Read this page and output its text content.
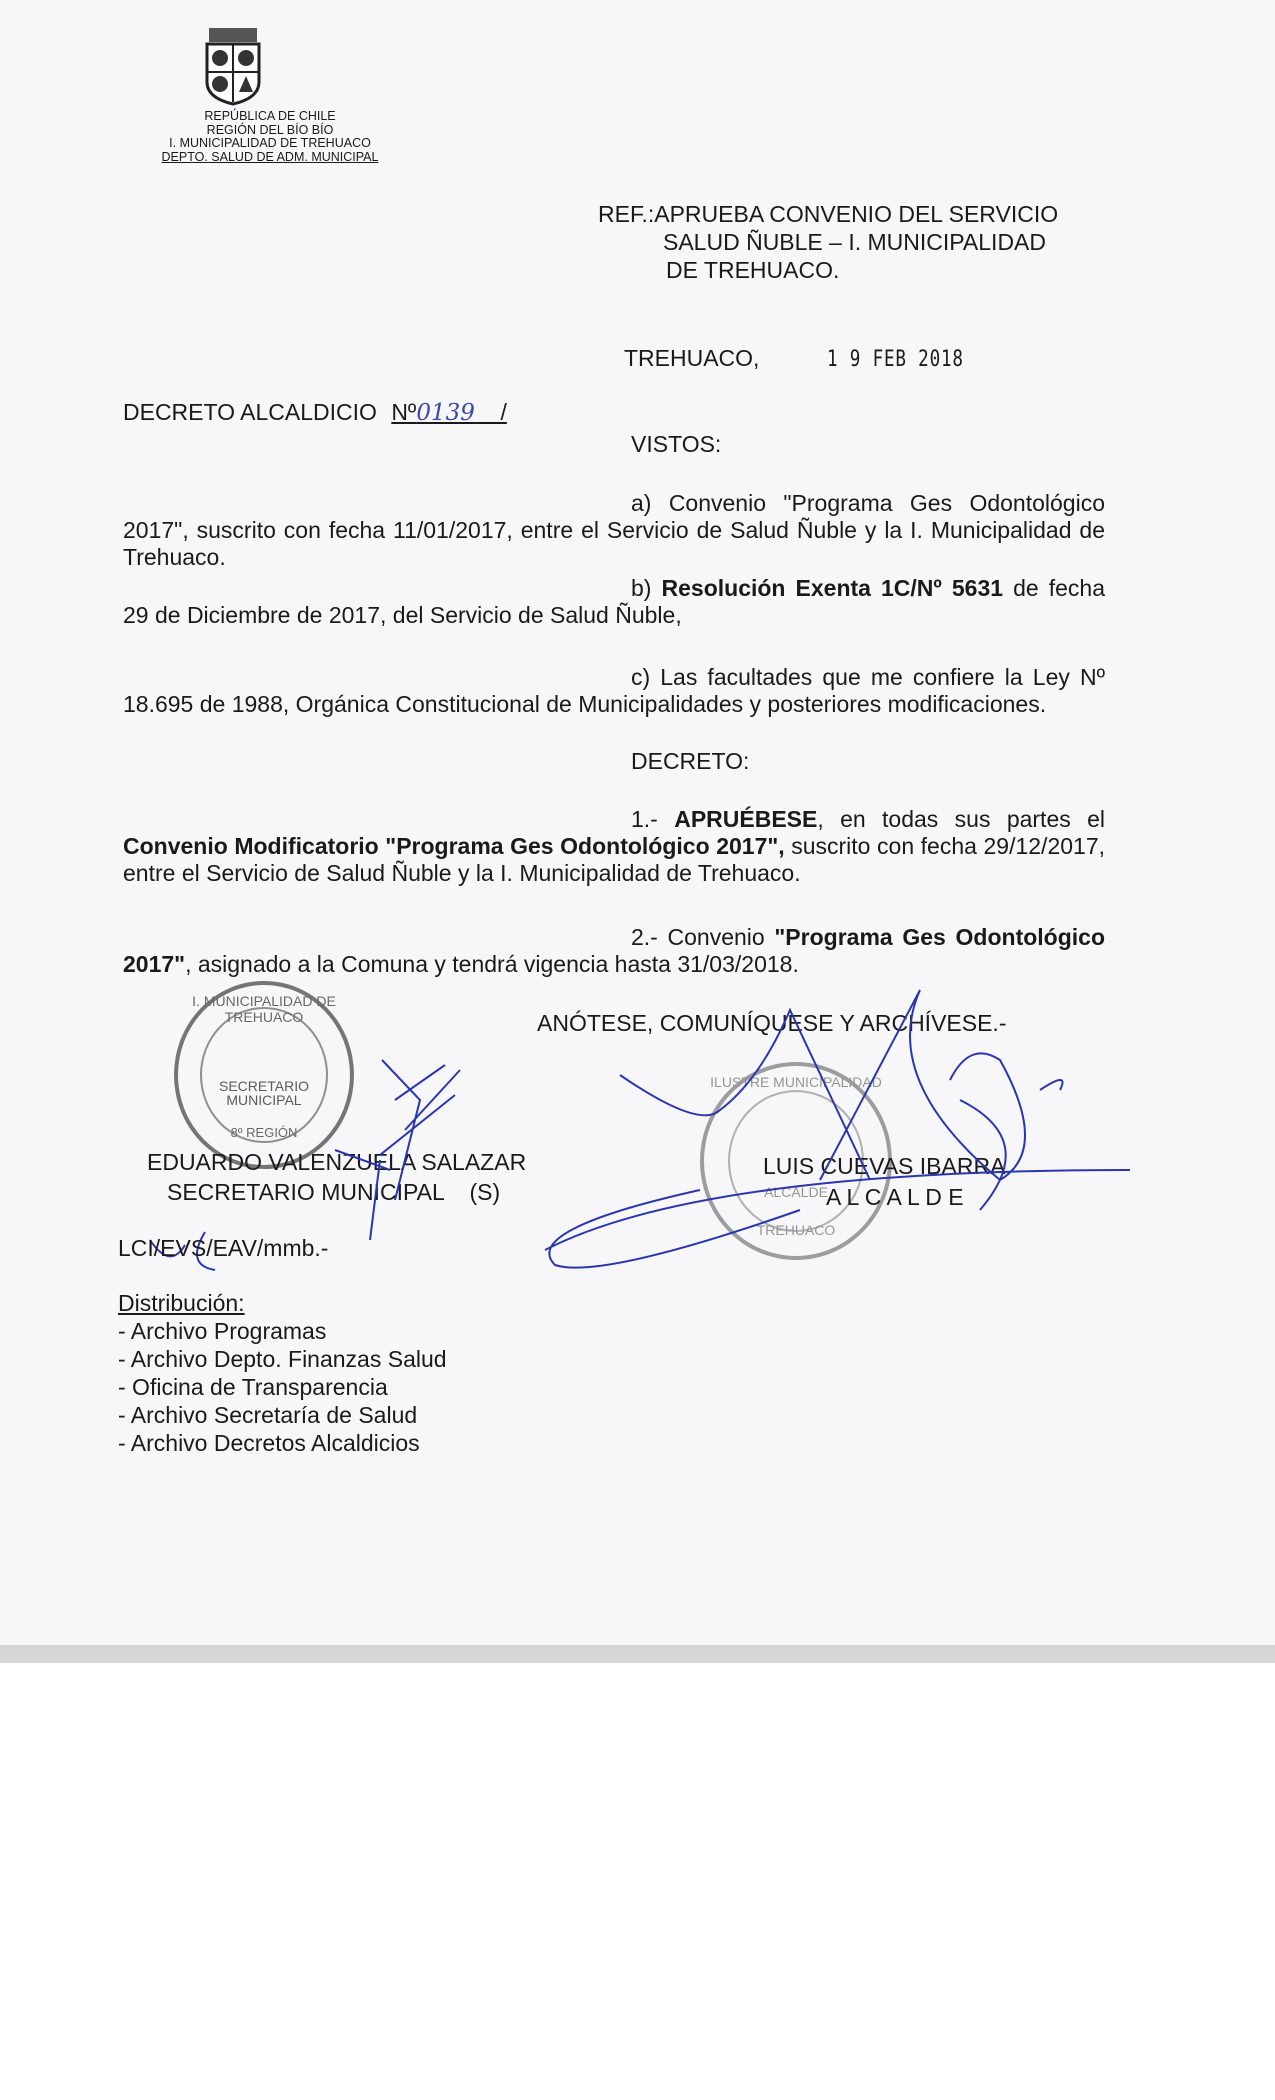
REPÚBLICA DE CHILE
REGIÓN DEL BÍO BÍO
I. MUNICIPALIDAD DE TREHUACO
DEPTO. SALUD DE ADM. MUNICIPAL
REF.:APRUEBA CONVENIO DEL SERVICIO
SALUD ÑUBLE – I. MUNICIPALIDAD
DE TREHUACO.
TREHUACO,	1 9 FEB 2018
DECRETO ALCALDICIO Nº0139 /
VISTOS:
a) Convenio "Programa Ges Odontológico 2017", suscrito con fecha 11/01/2017, entre el Servicio de Salud Ñuble y la I. Municipalidad de Trehuaco.
b) Resolución Exenta 1C/Nº 5631 de fecha 29 de Diciembre de 2017, del Servicio de Salud Ñuble,
c) Las facultades que me confiere la Ley Nº 18.695 de 1988, Orgánica Constitucional de Municipalidades y posteriores modificaciones.
DECRETO:
1.- APRUÉBESE, en todas sus partes el Convenio Modificatorio "Programa Ges Odontológico 2017", suscrito con fecha 29/12/2017, entre el Servicio de Salud Ñuble y la I. Municipalidad de Trehuaco.
2.- Convenio "Programa Ges Odontológico 2017", asignado a la Comuna y tendrá vigencia hasta 31/03/2018.
ANÓTESE, COMUNÍQUESE Y ARCHÍVESE.-
I. MUNICIPALIDAD DE TREHUACO
SECRETARIO
MUNICIPAL
8º REGIÓN
ILUSTRE MUNICIPALIDAD
ALCALDE
TREHUACO
EDUARDO VALENZUELA SALAZAR
SECRETARIO MUNICIPAL    (S)
LUIS CUEVAS IBARRA
A L C A L D E
LCI/EVS/EAV/mmb.-
Distribución:
- Archivo Programas
- Archivo Depto. Finanzas Salud
- Oficina de Transparencia
- Archivo Secretaría de Salud
- Archivo Decretos Alcaldicios
